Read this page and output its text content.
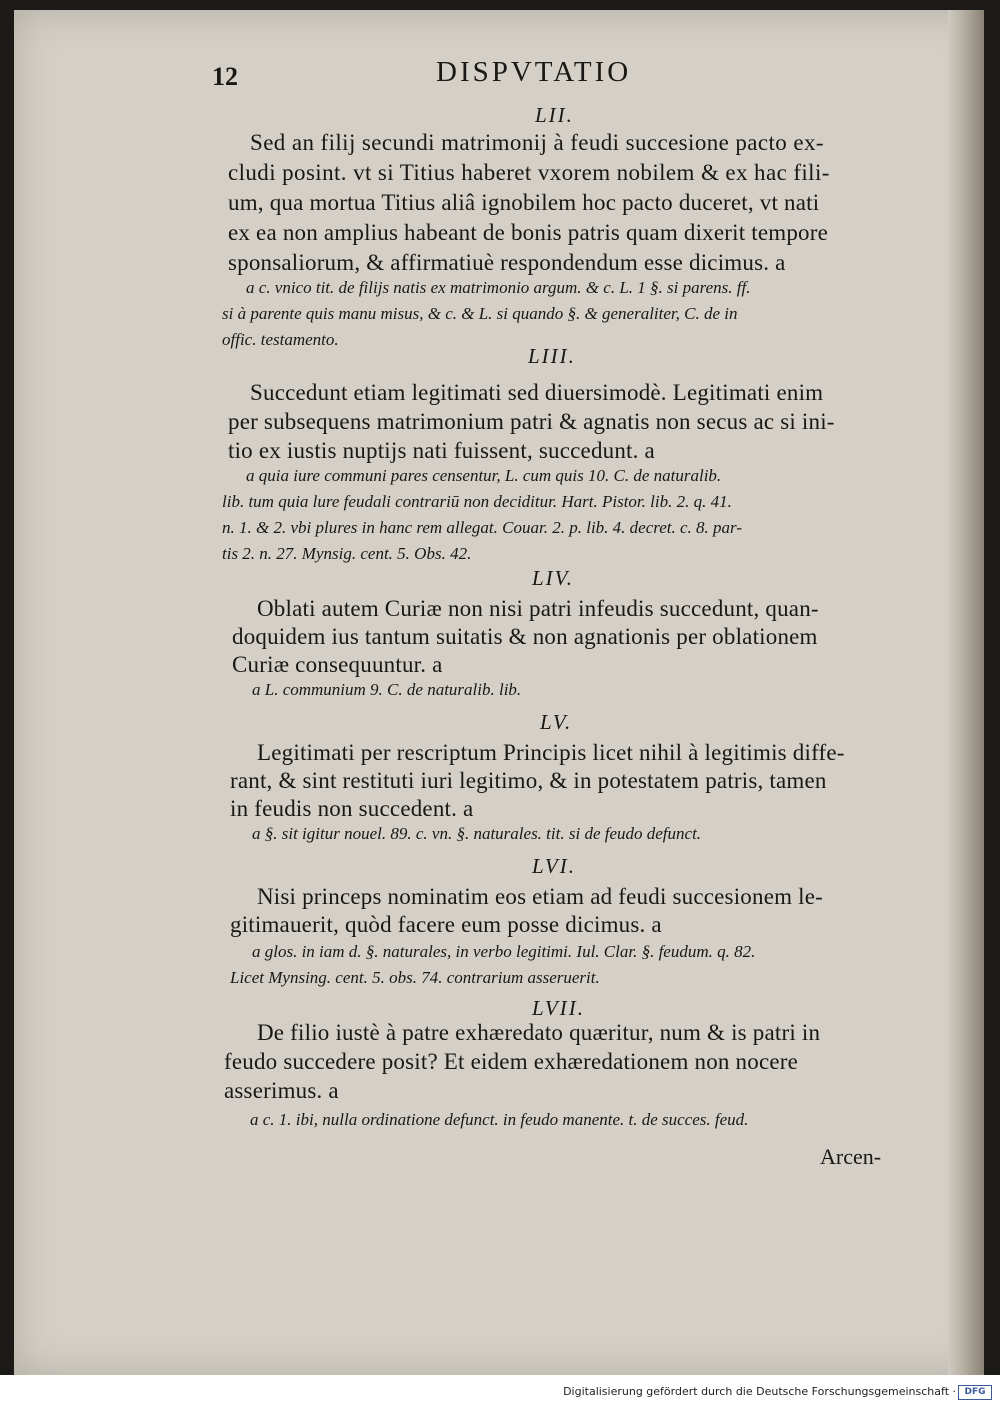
12	DISPVTATIO
LII.
Sed an filij secundi matrimonij à feudi succesione pacto ex-
cludi posint. vt si Titius haberet vxorem nobilem & ex hac fili-
um, qua mortua Titius aliâ ignobilem hoc pacto duceret, vt nati
ex ea non amplius habeant de bonis patris quam dixerit tempore
sponsaliorum, & affirmatiuè respondendum esse dicimus. a
a c. vnico tit. de filijs natis ex matrimonio argum. & c. L. 1 §. si parens. ff.
si à parente quis manu misus, & c. & L. si quando §. & generaliter, C. de in
offic. testamento.
LIII.
Succedunt etiam legitimati sed diuersimodè. Legitimati enim
per subsequens matrimonium patri & agnatis non secus ac si ini-
tio ex iustis nuptijs nati fuissent, succedunt. a
a quia iure communi pares censentur, L. cum quis 10. C. de naturalib.
lib. tum quia lure feudali contrariū non deciditur. Hart. Pistor. lib. 2. q. 41.
n. 1. & 2. vbi plures in hanc rem allegat. Couar. 2. p. lib. 4. decret. c. 8. par-
tis 2. n. 27. Mynsig. cent. 5. Obs. 42.
LIV.
Oblati autem Curiæ non nisi patri infeudis succedunt, quan-
doquidem ius tantum suitatis & non agnationis per oblationem
Curiæ consequuntur. a
a L. communium 9. C. de naturalib. lib.
LV.
Legitimati per rescriptum Principis licet nihil à legitimis diffe-
rant, & sint restituti iuri legitimo, & in potestatem patris, tamen
in feudis non succedent. a
a §. sit igitur nouel. 89. c. vn. §. naturales. tit. si de feudo defunct.
LVI.
Nisi princeps nominatim eos etiam ad feudi succesionem le-
gitimauerit, quòd facere eum posse dicimus. a
a glos. in iam d. §. naturales, in verbo legitimi. Iul. Clar. §. feudum. q. 82.
Licet Mynsing. cent. 5. obs. 74. contrarium asseruerit.
LVII.
De filio iustè à patre exhæredato quæritur, num & is patri in
feudo succedere posit? Et eidem exhæredationem non nocere
asserimus. a
a c. 1. ibi, nulla ordinatione defunct. in feudo manente. t. de succes. feud.
Arcen-
Digitalisierung gefördert durch die Deutsche Forschungsgemeinschaft · DFG
